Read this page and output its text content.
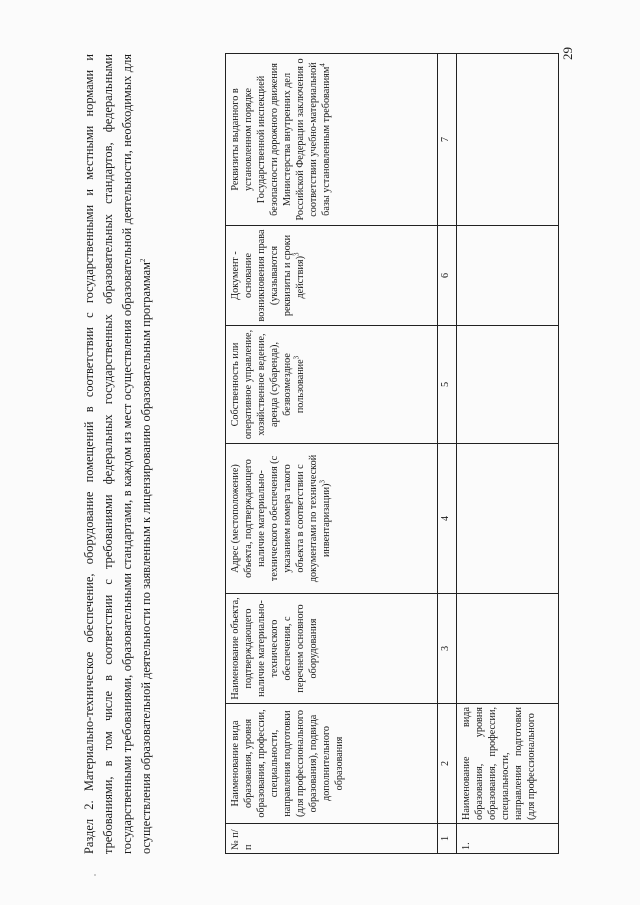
Раздел 2. Материально-техническое обеспечение, оборудование помещений в соответствии с государственными и местными нормами и требованиями, в том числе в соответствии с требованиями федеральных государственных образовательных стандартов, федеральными государственными требованиями, образовательными стандартами, в каждом из мест осуществления образовательной деятельности, необходимых для осуществления образовательной деятельности по заявленным к лицензированию образовательным программам$^2$
№ п/п	Наименование вида образования, уровня образования, профессии, специальности, направления подготовки (для профессионального образования), подвида дополнительного образования	Наименование объекта, подтверждающего наличие материально-технического обеспечения, с перечнем основного оборудования	Адрес (местоположение) объекта, подтверждающего наличие материально-технического обеспечения (с указанием номера такого объекта в соответствии с документами по технической инвентаризации)$^3$	Собственность или оперативное управление, хозяйственное ведение, аренда (субаренда), безвозмездное пользование$^3$	Документ - основание возникновения права (указываются реквизиты и сроки действия)$^3$	Реквизиты выданного в установленном порядке Государственной инспекцией безопасности дорожного движения Министерства внутренних дел Российской Федерации заключения о соответствии учебно-материальной базы установленным требованиям$^4$
1	2	3	4	5	6	7
1.	Наименование вида образования, уровня образования, профессии, специальности, направления подготовки (для профессионального					
29
